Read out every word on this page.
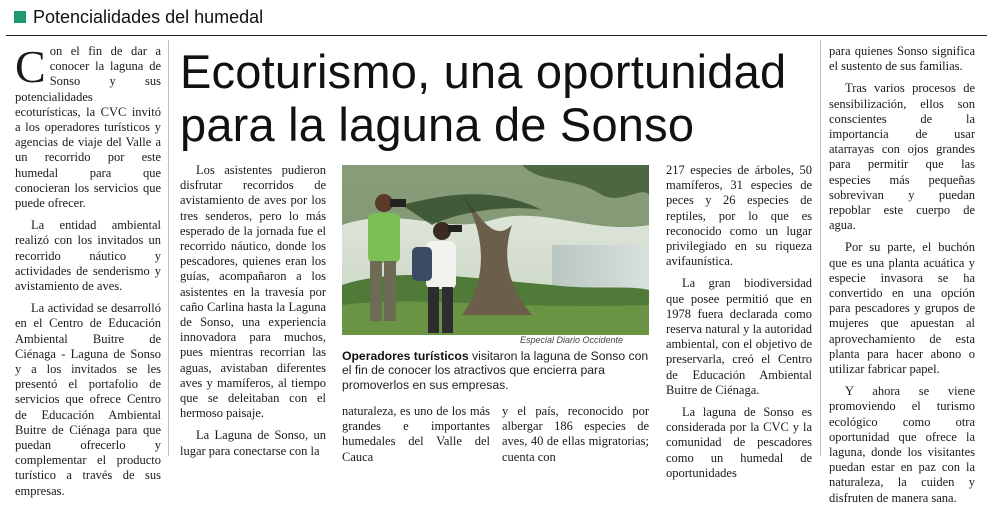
Potencialidades del humedal
Ecoturismo, una oportunidad para la laguna de Sonso

Con el fin de dar a conocer la laguna de Sonso y sus potencialidades ecoturísticas, la CVC invitó a los operadores turísticos y agencias de viaje del Valle a un recorrido por este humedal para que conocieran los servicios que puede ofrecer.

La entidad ambiental realizó con los invitados un recorrido náutico y actividades de senderismo y avistamiento de aves.

La actividad se desarrolló en el Centro de Educación Ambiental Buitre de Ciénaga - Laguna de Sonso y a los invitados se les presentó el portafolio de servicios que ofrece Centro de Educación Ambiental Buitre de Ciénaga para que puedan ofrecerlo y complementar el producto turístico a través de sus empresas.

Los asistentes pudieron disfrutar recorridos de avistamiento de aves por los tres senderos, pero lo más esperado de la jornada fue el recorrido náutico, donde los pescadores, quienes eran los guías, acompañaron a los asistentes en la travesía por caño Carlina hasta la Laguna de Sonso, una experiencia innovadora para muchos, pues mientras recorrian las aguas, avistaban diferentes aves y mamíferos, al tiempo que se deleitaban con el hermoso paisaje.

La Laguna de Sonso, un lugar para conectarse con la

Especial Diario Occidente

Operadores turísticos visitaron la laguna de Sonso con el fin de conocer los atractivos que encierra para promoverlos en sus empresas.

naturaleza, es uno de los más grandes e importantes humedales del Valle del Cauca

y el país, reconocido por albergar 186 especies de aves, 40 de ellas migratorias; cuenta con

217 especies de árboles, 50 mamíferos, 31 especies de peces y 26 especies de reptiles, por lo que es reconocido como un lugar privilegiado en su riqueza avifaunística.

La gran biodiversidad que posee permitió que en 1978 fuera declarada como reserva natural y la autoridad ambiental, con el objetivo de preservarla, creó el Centro de Educación Ambiental Buitre de Ciénaga.

La laguna de Sonso es considerada por la CVC y la comunidad de pescadores como un humedal de oportunidades

para quienes Sonso significa el sustento de sus familias.

Tras varios procesos de sensibilización, ellos son conscientes de la importancia de usar atarrayas con ojos grandes para permitir que las especies más pequeñas sobrevivan y puedan repoblar este cuerpo de agua.

Por su parte, el buchón que es una planta acuática y especie invasora se ha convertido en una opción para pescadores y grupos de mujeres que apuestan al aprovechamiento de esta planta para hacer abono o utilizar fabricar papel.

Y ahora se viene promoviendo el turismo ecológico como otra oportunidad que ofrece la laguna, donde los visitantes puedan estar en paz con la naturaleza, la cuiden y disfruten de manera sana.
